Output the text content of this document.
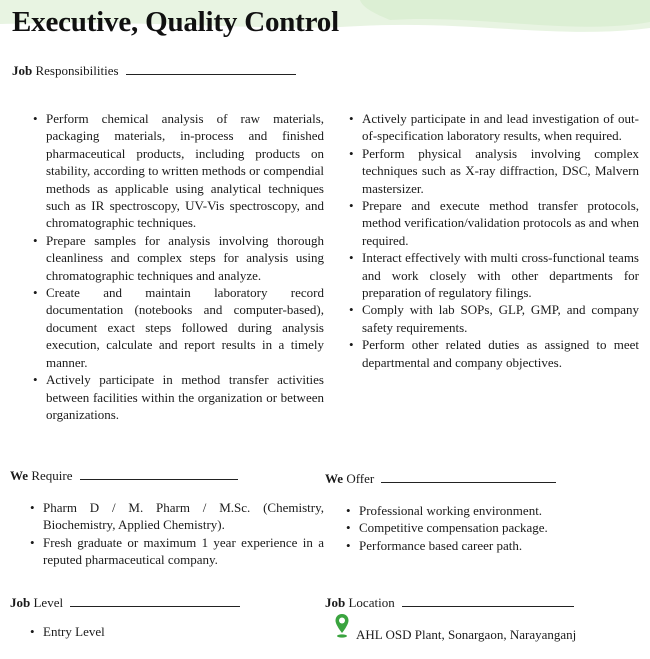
Executive, Quality Control
Job Responsibilities
• Perform chemical analysis of raw materials, packaging materials, in-process and finished pharmaceutical products, including products on stability, according to written methods or compendial methods as applicable using analytical techniques such as IR spectroscopy, UV-Vis spectroscopy, and chromatographic techniques.
• Prepare samples for analysis involving thorough cleanliness and complex steps for analysis using chromatographic techniques and analyze.
• Create and maintain laboratory record documentation (notebooks and computer-based), document exact steps followed during analysis execution, calculate and report results in a timely manner.
• Actively participate in method transfer activities between facilities within the organization or between organizations.
• Actively participate in and lead investigation of out-of-specification laboratory results, when required.
• Perform physical analysis involving complex techniques such as X-ray diffraction, DSC, Malvern mastersizer.
• Prepare and execute method transfer protocols, method verification/validation protocols as and when required.
• Interact effectively with multi cross-functional teams and work closely with other departments for preparation of regulatory filings.
• Comply with lab SOPs, GLP, GMP, and company safety requirements.
• Perform other related duties as assigned to meet departmental and company objectives.
We Require
• Pharm D / M. Pharm / M.Sc. (Chemistry, Biochemistry, Applied Chemistry).
• Fresh graduate or maximum 1 year experience in a reputed pharmaceutical company.
We Offer
• Professional working environment.
• Competitive compensation package.
• Performance based career path.
Job Level
• Entry Level
Job Location
AHL OSD Plant, Sonargaon, Narayanganj
